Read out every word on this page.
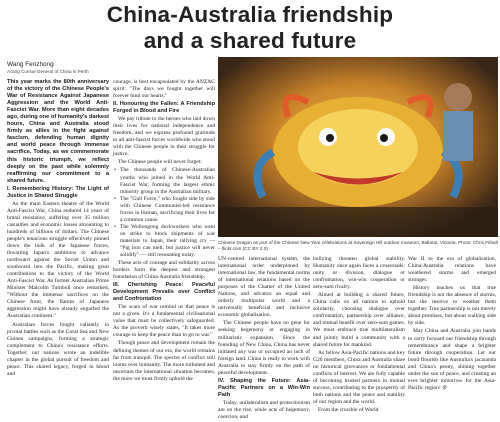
China-Australia friendship
and a shared future
Wang Fenzhong
Acting Consul-General of China in Perth
This year marks the 80th anniversary of the victory of the Chinese People's War of Resistance Against Japanese Aggression and the World Anti-Fascist War. More than eight decades ago, during one of humanity's darkest hours, China and Australia stood firmly as allies in the fight against fascism, defending human dignity and world peace through immense sacrifice. Today, as we commemorate this historic triumph, we reflect deeply on the past while solemnly reaffirming our commitment to a shared future.
I. Remembering History: The Light of Justice in Shared Struggle

As the main Eastern theatre of the World Anti-Fascist War, China endured 14 years of brutal resistance, suffering over 35 million casualties and economic losses amounting to hundreds of billions of dollars. The Chinese people's tenacious struggle effectively pinned down the bulk of the Japanese forces, thwarting Japan's ambitions to advance northward against the Soviet Union and southward into the Pacific, making great contributions to the victory of the World Anti-Fascist War. As former Australian Prime Minister Malcolm Turnbull once remarked, "Without the immense sacrifices on the Chinese front, the flames of Japanese aggression might have already engulfed the Australian continent."

Australian forces fought valiantly in pivotal battles such as the Coral Sea and New Guinea campaigns, forming a strategic complement to China's resistance efforts. Together, our nations wrote an indelible chapter in the global pursuit of freedom and peace. This shared legacy, forged in blood and

courage, is best encapsulated by the ANZAC spirit: "The days we fought together will forever bind our hearts."

II. Honouring the Fallen: A Friendship Forged in Blood and Fire

We pay tribute to the heroes who laid down their lives for national independence and freedom, and we express profound gratitude to all anti-fascist forces worldwide who stood with the Chinese people in their struggle for justice.

The Chinese people will never forget:

• The thousands of Chinese-Australian youths who joined in the World Anti-Fascist War, forming the largest ethnic minority group in the Australian military.
• The "Gull Force," who fought side by side with Chinese Communist-led resistance forces in Hainan, sacrificing their lives for a common cause.
• The Wollongong dockworkers who went on strike to block shipments of war materials to Japan, their rallying cry — "Pig iron can melt, but justice will never solidify" — still resonating today.

These acts of courage and solidarity across borders form the deepest and strongest foundation of China-Australia friendship.

III. Cherishing Peace: Peaceful Development Prevails over Conflict and Confrontation

The scars of war remind us that peace is not a given. It's a fundamental civilisational value that must be collectively safeguarded. As the proverb wisely states, "It takes more courage to keep the peace than to go to war."

Though peace and development remain the defining themes of our era, the world remains far from tranquil. The spectre of conflict still looms over humanity. The more turbulent and uncertain the international situation becomes, the more we must firmly uphold the

Chinese Dragon as part of the Chinese New Year celebrations at Sovereign Hill outdoor museum, Ballarat, Victoria. Photo: Chris Fithall – flickr.com (CC BY 2.0)

UN-centred international system, the international order underpinned by international law, the fundamental norms of international relations based on the purposes of the Charter of the United Nations, and advance an equal and orderly multipolar world and a universally beneficial and inclusive economic globalisation.

The Chinese people have no gene for seeking hegemony or engaging in militaristic expansion. Since the founding of New China, China has never initiated any war or occupied an inch of foreign land. China is ready to work with Australia to stay firmly on the path of peaceful development.

IV. Shaping the Future: Asia-Pacific Partners on a Win-Win Path

Today, unilateralism and protectionism are on the rise, while acts of hegemony, coercion, and

bullying threaten global stability. Humanity once again faces a crossroads: unity or division, dialogue or confrontation, win-win cooperation or zero-sum rivalry.

Aimed at building a shared future, China calls on all nations to uphold solidarity, choosing dialogue over confrontation, partnership over alliance, and mutual benefit over zero-sum games. We must embrace true multilateralism and jointly build a community with a shared future for mankind.

As fellow Asia-Pacific nations and key G20 members, China and Australia share no historical grievances or fundamental conflicts of interest. We are fully capable of becoming trusted partners in mutual success, contributing to the prosperity of both nations and the peace and stability of our region and the world.

From the crucible of World

War II to the era of globalisation, China-Australia relations have weathered storms and emerged stronger.

History teaches us that true friendship is not the absence of storms, but the resolve to weather them together. True partnership is not merely about promises, but about walking side by side.

May China and Australia join hands to carry forward our friendship through remembrance and shape a brighter future through cooperation. Let our bond flourish like Australia's jacaranda and China's peony, shining together under the sun of peace, and creating an ever brighter tomorrow for the Asia-Pacific region! ⊘
